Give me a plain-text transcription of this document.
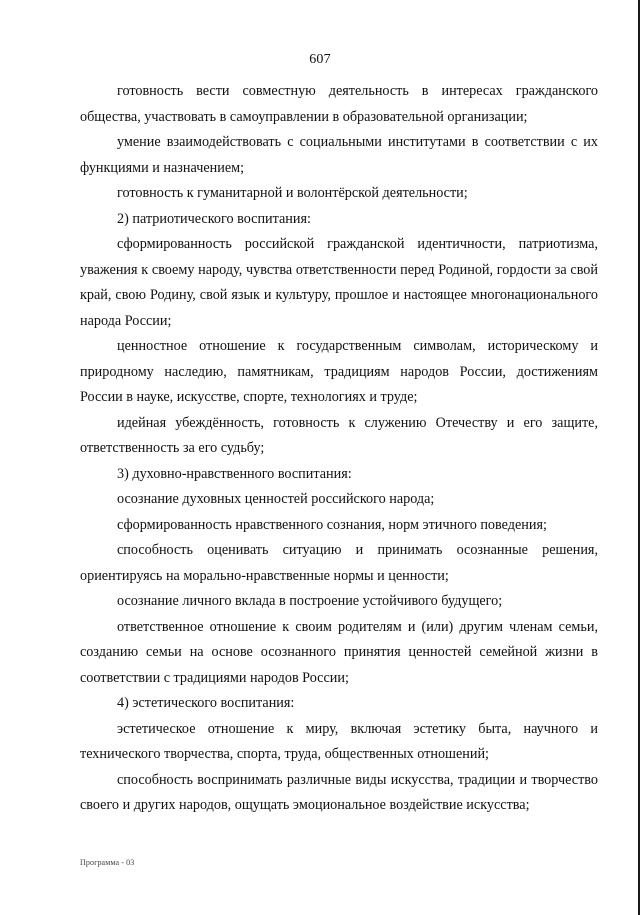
607

готовность вести совместную деятельность в интересах гражданского общества, участвовать в самоуправлении в образовательной организации;

умение взаимодействовать с социальными институтами в соответствии с их функциями и назначением;

готовность к гуманитарной и волонтёрской деятельности;

2) патриотического воспитания:

сформированность российской гражданской идентичности, патриотизма, уважения к своему народу, чувства ответственности перед Родиной, гордости за свой край, свою Родину, свой язык и культуру, прошлое и настоящее многонационального народа России;

ценностное отношение к государственным символам, историческому и природному наследию, памятникам, традициям народов России, достижениям России в науке, искусстве, спорте, технологиях и труде;

идейная убеждённость, готовность к служению Отечеству и его защите, ответственность за его судьбу;

3) духовно-нравственного воспитания:

осознание духовных ценностей российского народа;

сформированность нравственного сознания, норм этичного поведения;

способность оценивать ситуацию и принимать осознанные решения, ориентируясь на морально-нравственные нормы и ценности;

осознание личного вклада в построение устойчивого будущего;

ответственное отношение к своим родителям и (или) другим членам семьи, созданию семьи на основе осознанного принятия ценностей семейной жизни в соответствии с традициями народов России;

4) эстетического воспитания:

эстетическое отношение к миру, включая эстетику быта, научного и технического творчества, спорта, труда, общественных отношений;

способность воспринимать различные виды искусства, традиции и творчество своего и других народов, ощущать эмоциональное воздействие искусства;

Программа - 03
